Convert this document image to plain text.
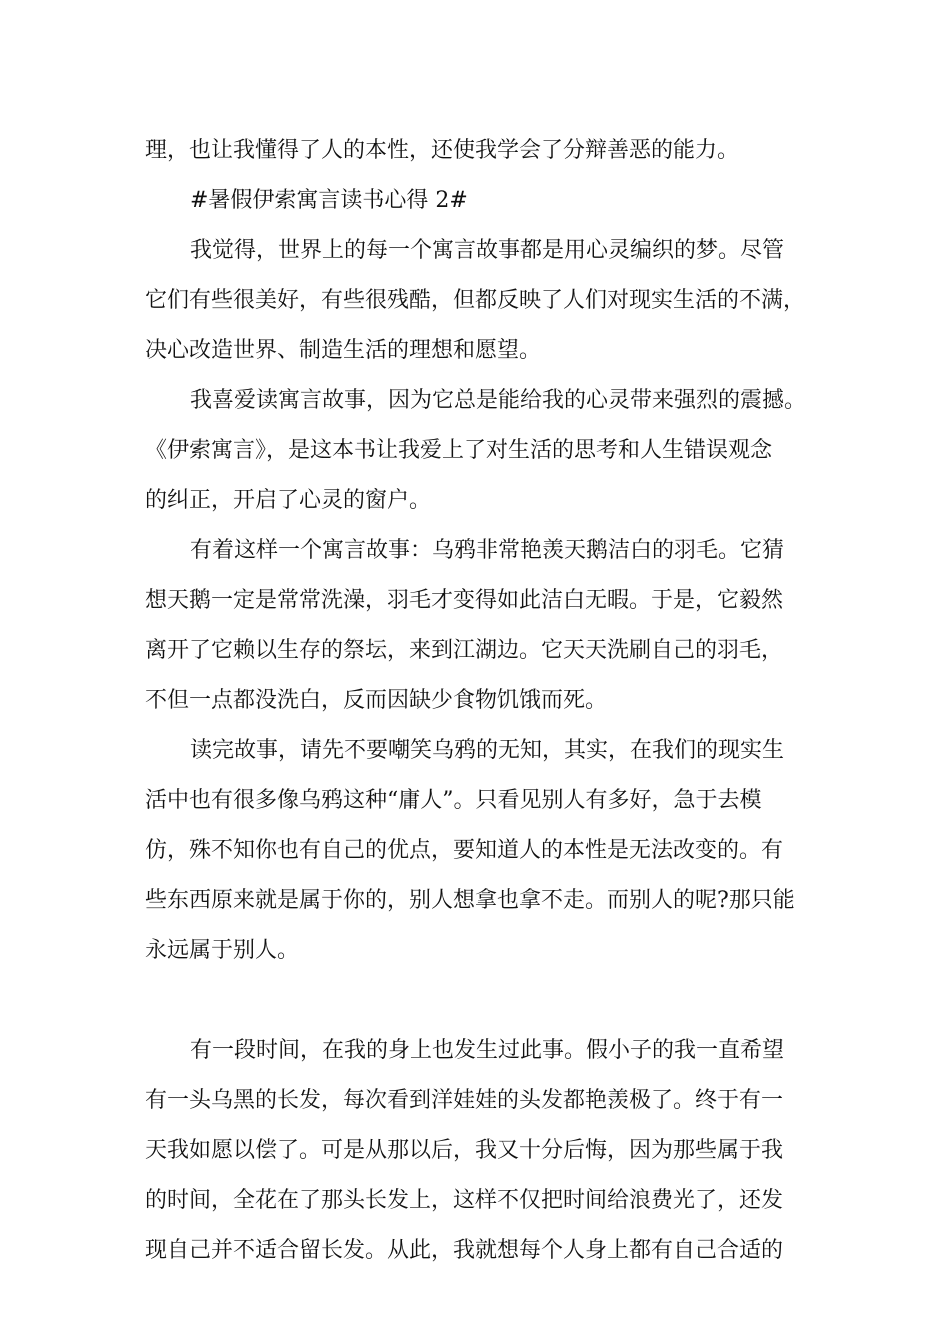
理，也让我懂得了人的本性，还使我学会了分辩善恶的能力。
#暑假伊索寓言读书心得 2#
我觉得，世界上的每一个寓言故事都是用心灵编织的梦。尽管
它们有些很美好，有些很残酷，但都反映了人们对现实生活的不满，
决心改造世界、制造生活的理想和愿望。
我喜爱读寓言故事，因为它总是能给我的心灵带来强烈的震撼。
《伊索寓言》，是这本书让我爱上了对生活的思考和人生错误观念
的纠正，开启了心灵的窗户。
有着这样一个寓言故事：乌鸦非常艳羡天鹅洁白的羽毛。它猜
想天鹅一定是常常洗澡，羽毛才变得如此洁白无暇。于是，它毅然
离开了它赖以生存的祭坛，来到江湖边。它天天洗刷自己的羽毛，
不但一点都没洗白，反而因缺少食物饥饿而死。
读完故事，请先不要嘲笑乌鸦的无知，其实，在我们的现实生
活中也有很多像乌鸦这种“庸人”。只看见别人有多好，急于去模
仿，殊不知你也有自己的优点，要知道人的本性是无法改变的。有
些东西原来就是属于你的，别人想拿也拿不走。而别人的呢?那只能
永远属于别人。
有一段时间，在我的身上也发生过此事。假小子的我一直希望
有一头乌黑的长发，每次看到洋娃娃的头发都艳羡极了。终于有一
天我如愿以偿了。可是从那以后，我又十分后悔，因为那些属于我
的时间，全花在了那头长发上，这样不仅把时间给浪费光了，还发
现自己并不适合留长发。从此，我就想每个人身上都有自己合适的
